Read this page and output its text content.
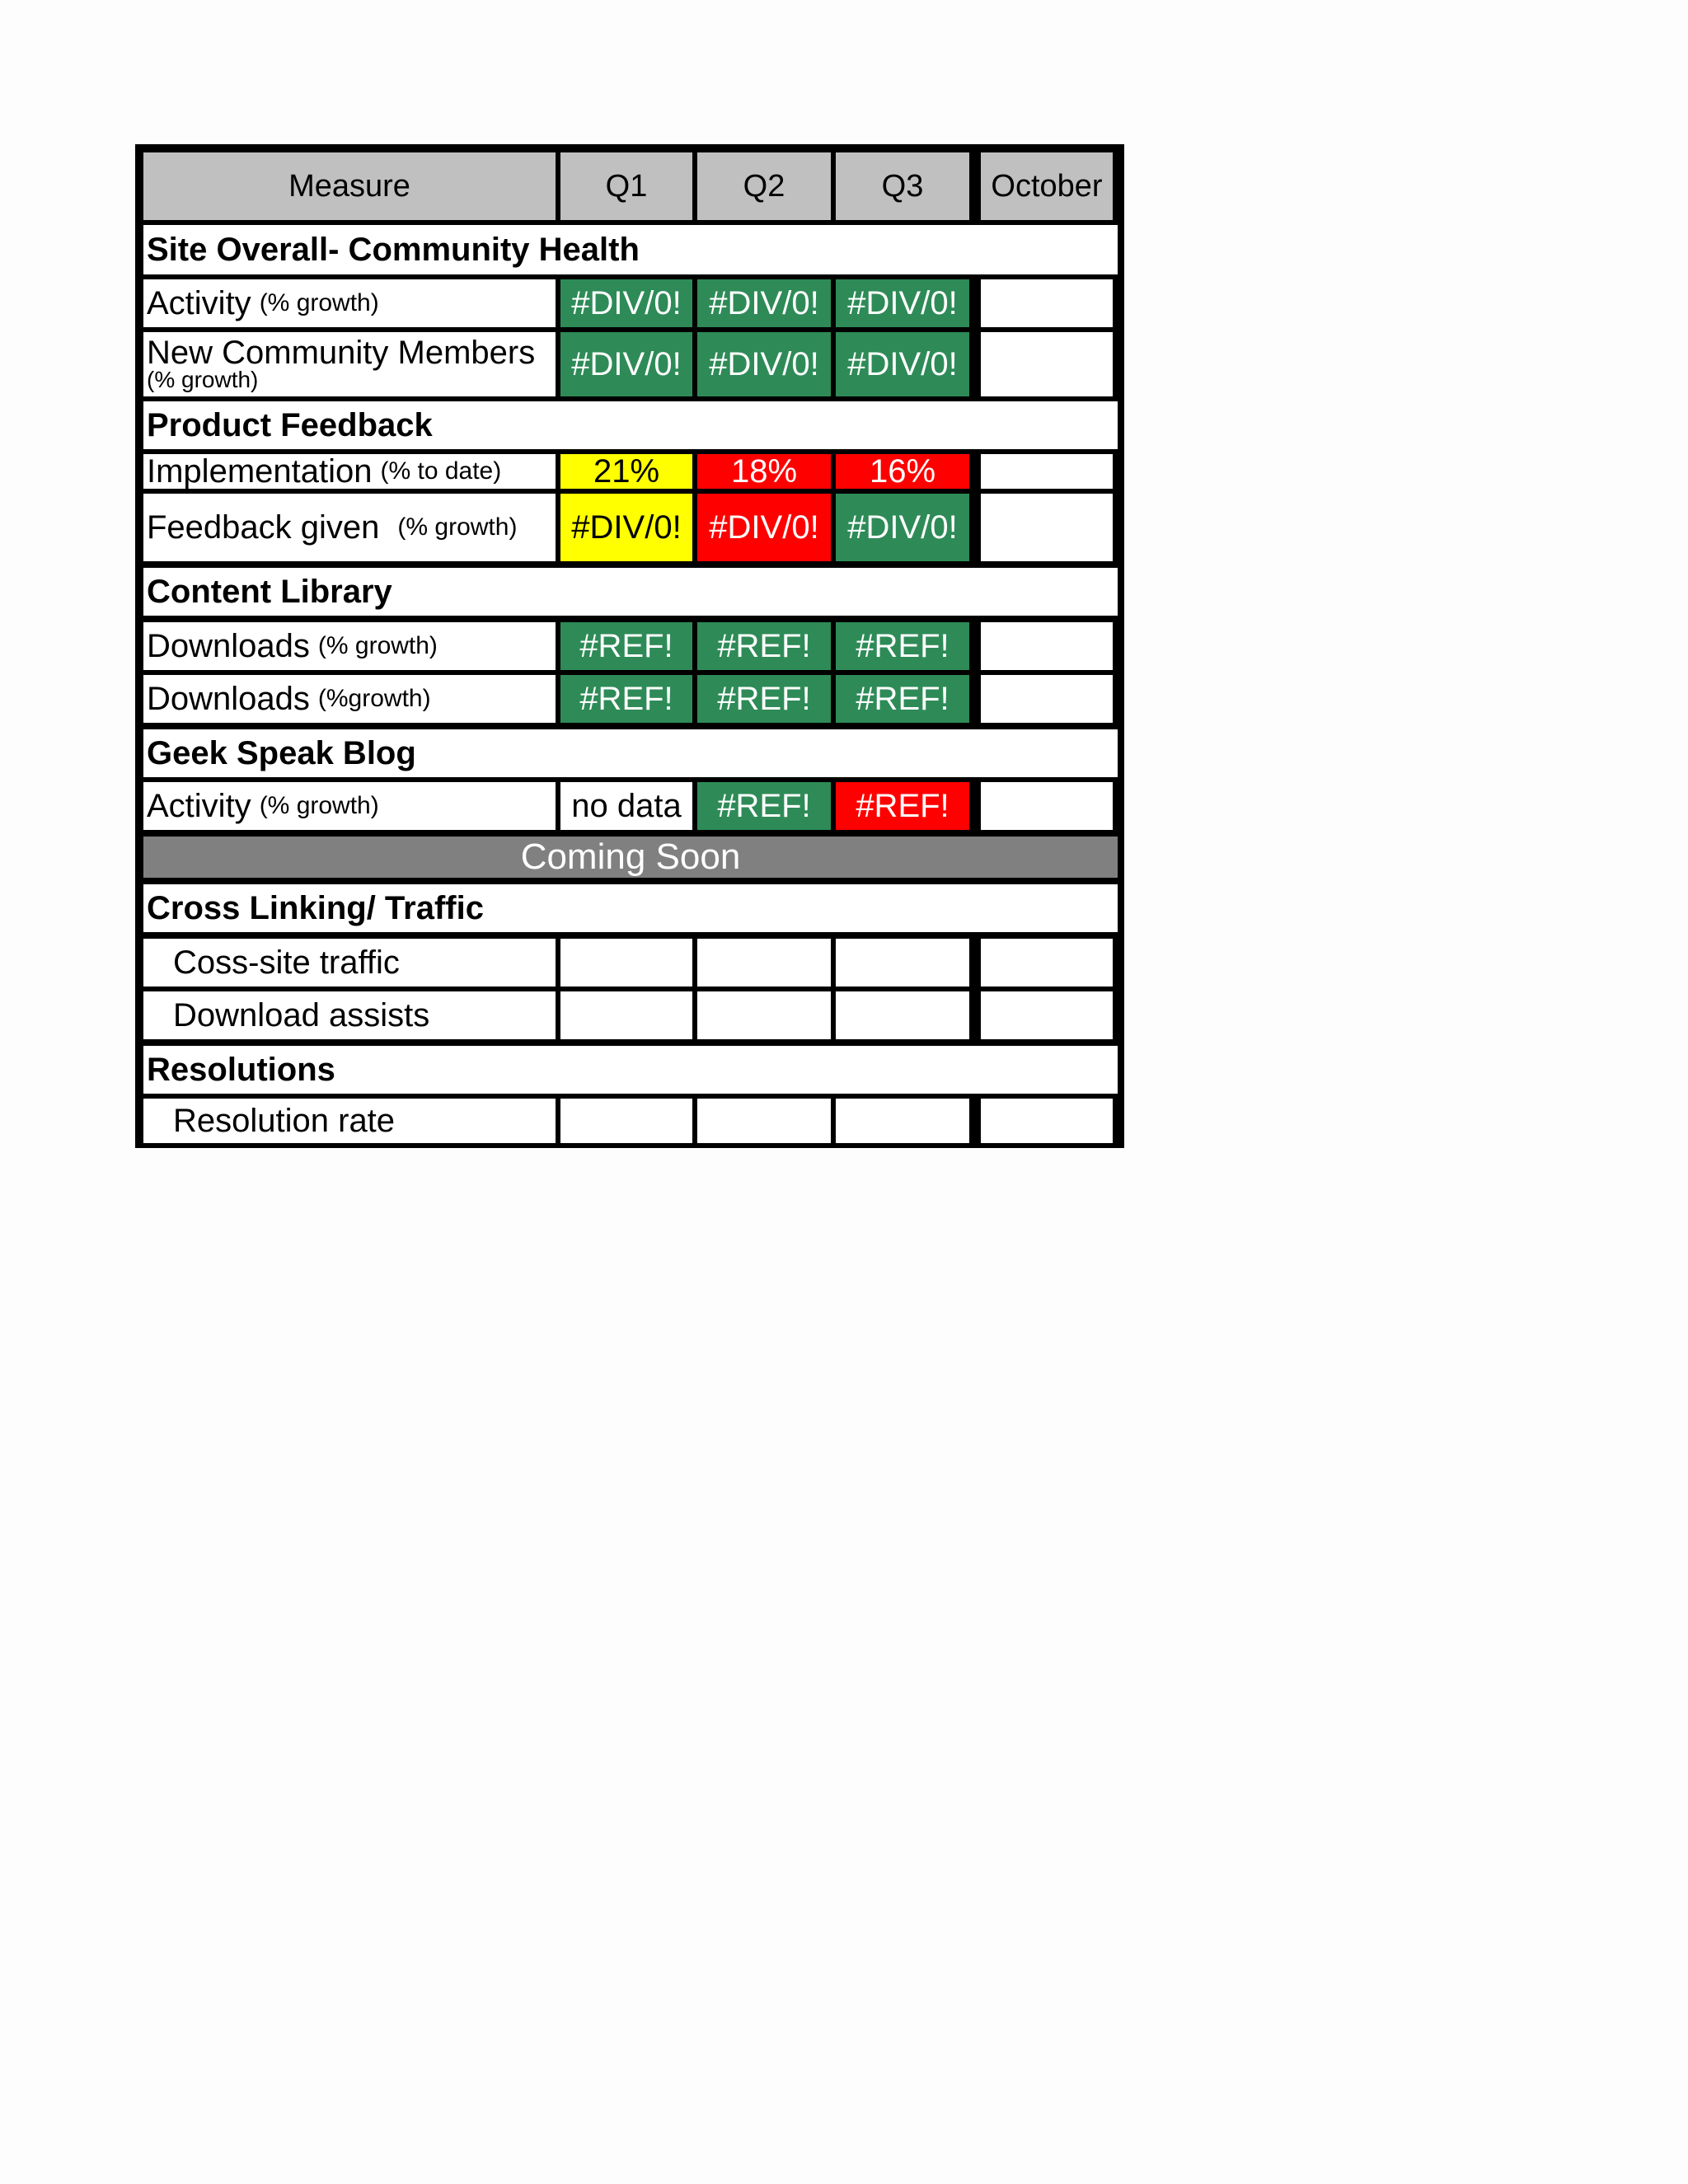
Measure	Q1	Q2	Q3	October
Site Overall- Community Health
Activity (% growth)	#DIV/0! #DIV/0! #DIV/0!
New Community Members
(% growth)	#DIV/0! #DIV/0! #DIV/0!
Product Feedback
Implementation (% to date)	21%	18%	16%
Feedback given (% growth)	#DIV/0! #DIV/0! #DIV/0!
Content Library
Downloads (% growth)	#REF!	#REF!	#REF!
Downloads (%growth)	#REF!	#REF!	#REF!
Geek Speak Blog
Activity (% growth)	no data	#REF!	#REF!
Coming Soon
Cross Linking/ Traffic
Coss-site traffic
Download assists
Resolutions
Resolution rate
